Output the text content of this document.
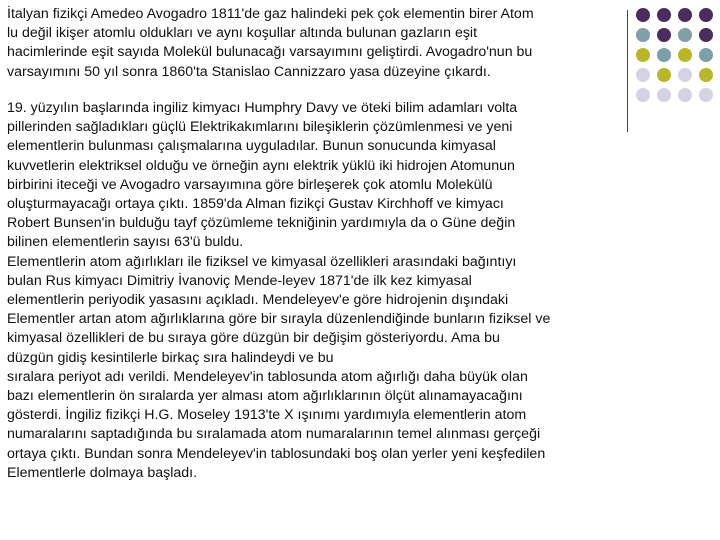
İtalyan fizikçi Amedeo Avogadro 1811'de gaz halindeki pek çok elementin birer Atom
lu değil ikişer atomlu oldukları ve aynı koşullar altında bulunan gazların eşit
hacimlerinde eşit sayıda Molekül bulunacağı varsayımını geliştirdi. Avogadro'nun bu
varsayımını 50 yıl sonra 1860'ta Stanislao Cannizzaro yasa düzeyine çıkardı.
19. yüzyılın başlarında ingiliz kimyacı Humphry Davy ve öteki bilim adamları volta
pillerinden sağladıkları güçlü Elektrikakımlarını bileşiklerin çözümlenmesi ve yeni
elementlerin bulunması çalışmalarına uyguladılar. Bunun sonucunda kimyasal
kuvvetlerin elektriksel olduğu ve örneğin aynı elektrik yüklü iki hidrojen Atomunun
birbirini iteceği ve Avogadro varsayımına göre birleşerek çok atomlu Molekülü
oluşturmayacağı ortaya çıktı. 1859'da Alman fizikçi Gustav Kirchhoff ve kimyacı
Robert Bunsen'in bulduğu tayf çözümleme tekniğinin yardımıyla da o Güne değin
bilinen elementlerin sayısı 63'ü buldu.
Elementlerin atom ağırlıkları ile fiziksel ve kimyasal özellikleri arasındaki bağıntıyı
bulan Rus kimyacı Dimitriy İvanoviç Mende-leyev 1871'de ilk kez kimyasal
elementlerin periyodik yasasını açıkladı. Mendeleyev'e göre hidrojenin dışındaki
Elementler artan atom ağırlıklarına göre bir sırayla düzenlendiğinde bunların fiziksel ve
kimyasal özellikleri de bu sıraya göre düzgün bir değişim gösteriyordu. Ama bu
düzgün gidiş kesintilerle birkaç sıra halindeydi ve bu
sıralara periyot adı verildi. Mendeleyev'in tablosunda atom ağırlığı daha büyük olan
bazı elementlerin ön sıralarda yer alması atom ağırlıklarının ölçüt alınamayacağını
gösterdi. İngiliz fizikçi H.G. Moseley 1913'te X ışınımı yardımıyla elementlerin atom
numaralarını saptadığında bu sıralamada atom numaralarının temel alınması gerçeği
ortaya çıktı. Bundan sonra Mendeleyev'in tablosundaki boş olan yerler yeni keşfedilen
Elementlerle dolmaya başladı.
